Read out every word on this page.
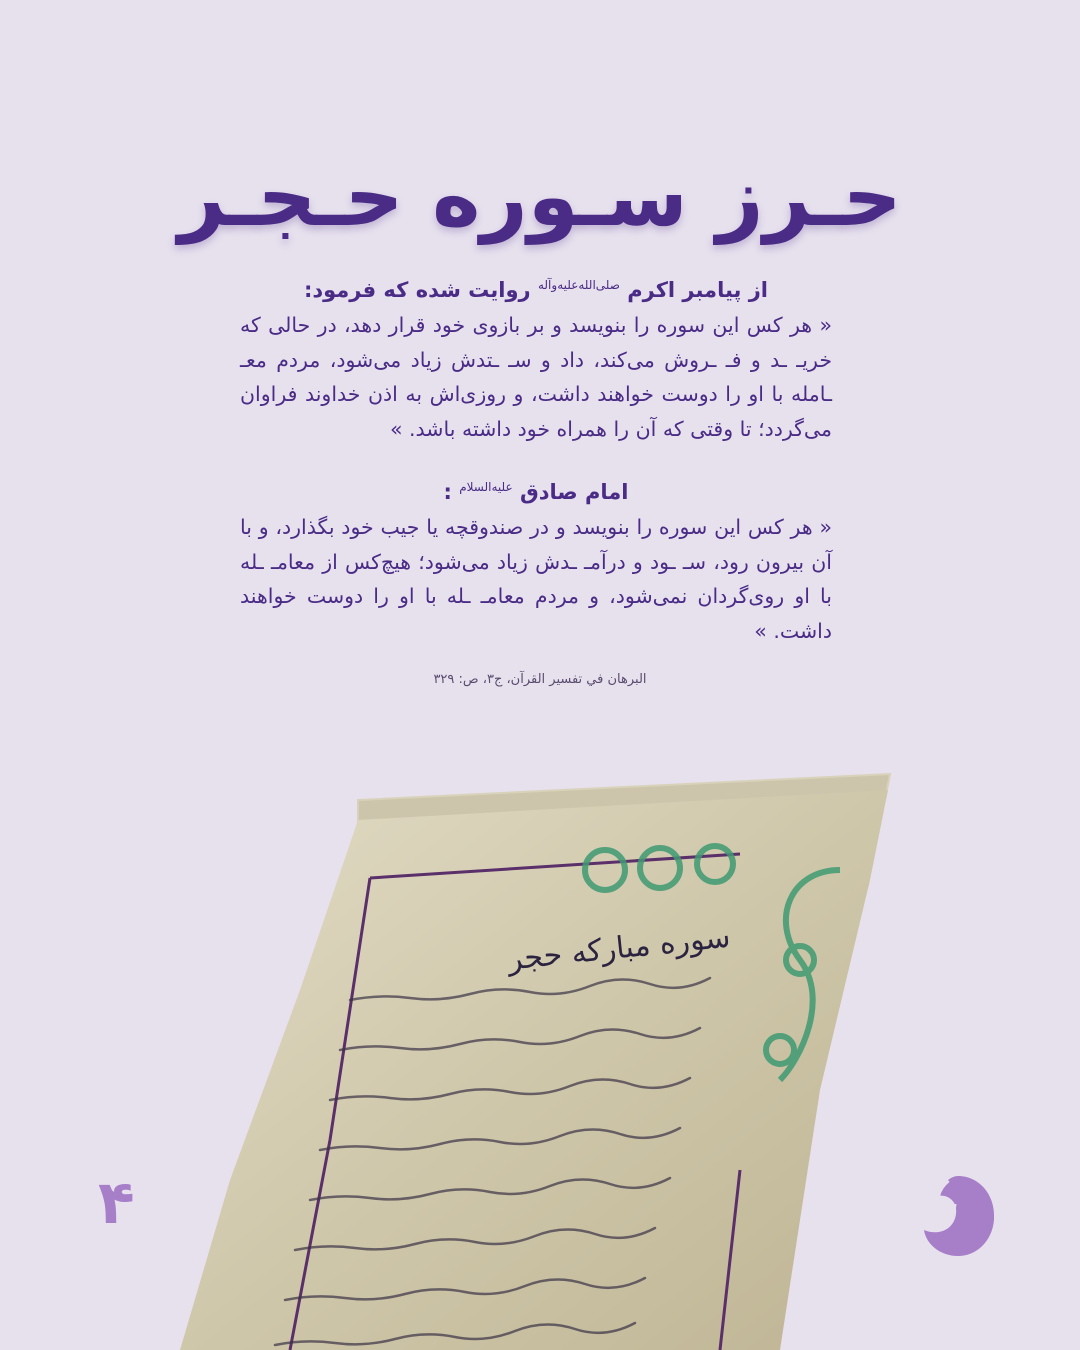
حـرز سـوره حـجـر

از پیامبر اکرم $^{صلى‌الله‌عليه‌وآله}$ روایت شده که فرمود:

« هر کس این سوره را بنویسد و بر بازوی خود قرار دهد، در حالی که خریـ ـد و فـ ـروش می‌کند، داد و سـ ـتدش زیاد می‌شود، مردم معـ ـامله با او را دوست خواهند داشت، و روزی‌اش به اذن خداوند فراوان می‌گردد؛ تا وقتی که آن را همراه خود داشته باشد. »

امام صادق $^{عليه‌السلام}$ :

« هر کس این سوره را بنویسد و در صندوقچه یا جیب خود بگذارد، و با آن بیرون رود، سـ ـود و درآمـ ـدش زیاد می‌شود؛ هیچ‌کس از معامـ ـله با او روی‌گردان نمی‌شود، و مردم معامـ ـله با او را دوست خواهند داشت. »

البرهان في تفسير القرآن، ج۳، ص: ۳۲۹
سوره مبارکه حجر
۴
